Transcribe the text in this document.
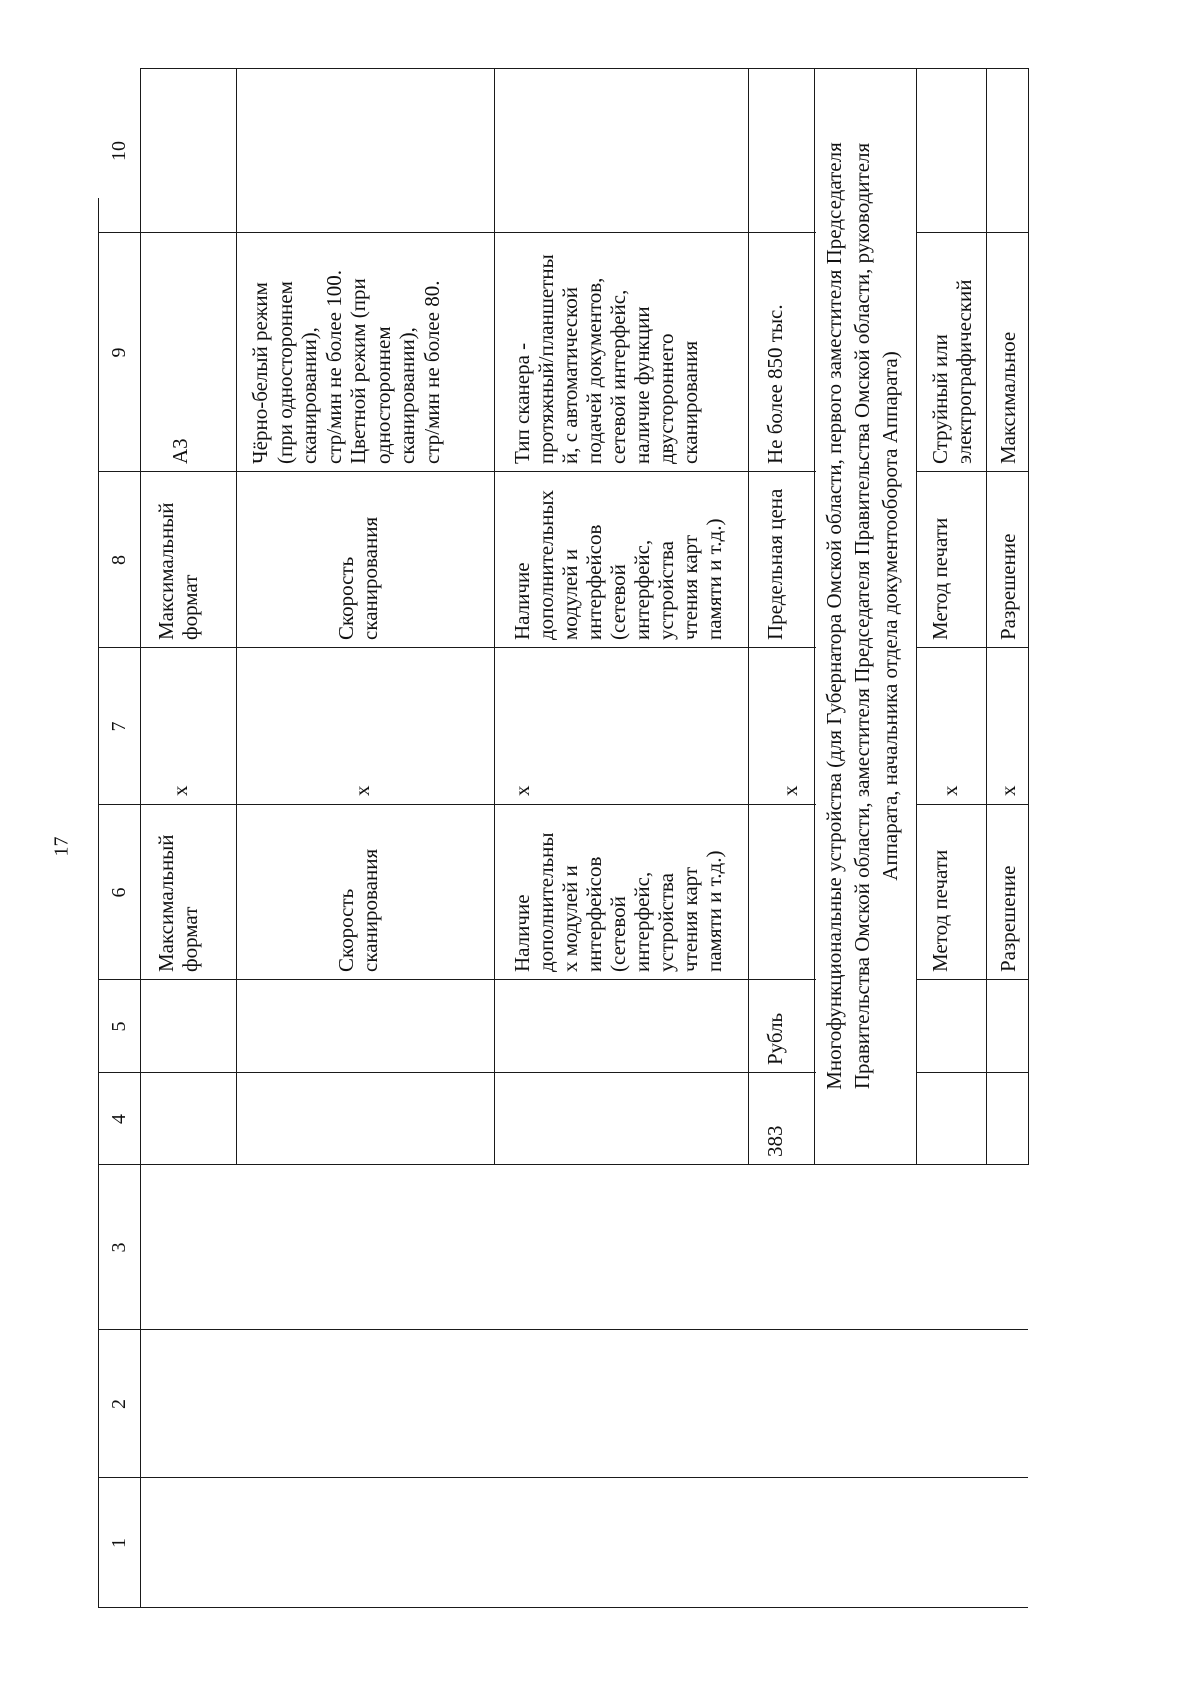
17
1
2
3
4
5
6
7
8
9
10
Максимальный
формат
x
Максимальный
формат
А3
Скорость
сканирования
x
Скорость
сканирования
Чёрно-белый режим
(при одностороннем
сканировании),
стр/мин не более 100.
Цветной режим (при
одностороннем
сканировании),
стр/мин не более 80.
Наличие
дополнительны
х модулей и
интерфейсов
(сетевой
интерфейс,
устройства
чтения карт
памяти и т.д.)
x
Наличие
дополнительных
модулей и
интерфейсов
(сетевой
интерфейс,
устройства
чтения карт
памяти и т.д.)
Тип сканера -
протяжный/планшетны
й, с автоматической
подачей документов,
сетевой интерфейс,
наличие функции
двустороннего
сканирования
383
Рубль
x
Предельная цена
Не более 850 тыс.
Многофункциональные устройства (для Губернатора Омской области, первого заместителя Председателя
Правительства Омской области, заместителя Председателя Правительства Омской области, руководителя
Аппарата, начальника отдела документооборота Аппарата)
Метод печати
x
Метод печати
Струйный или
электрографический
Разрешение
x
Разрешение
Максимальное
